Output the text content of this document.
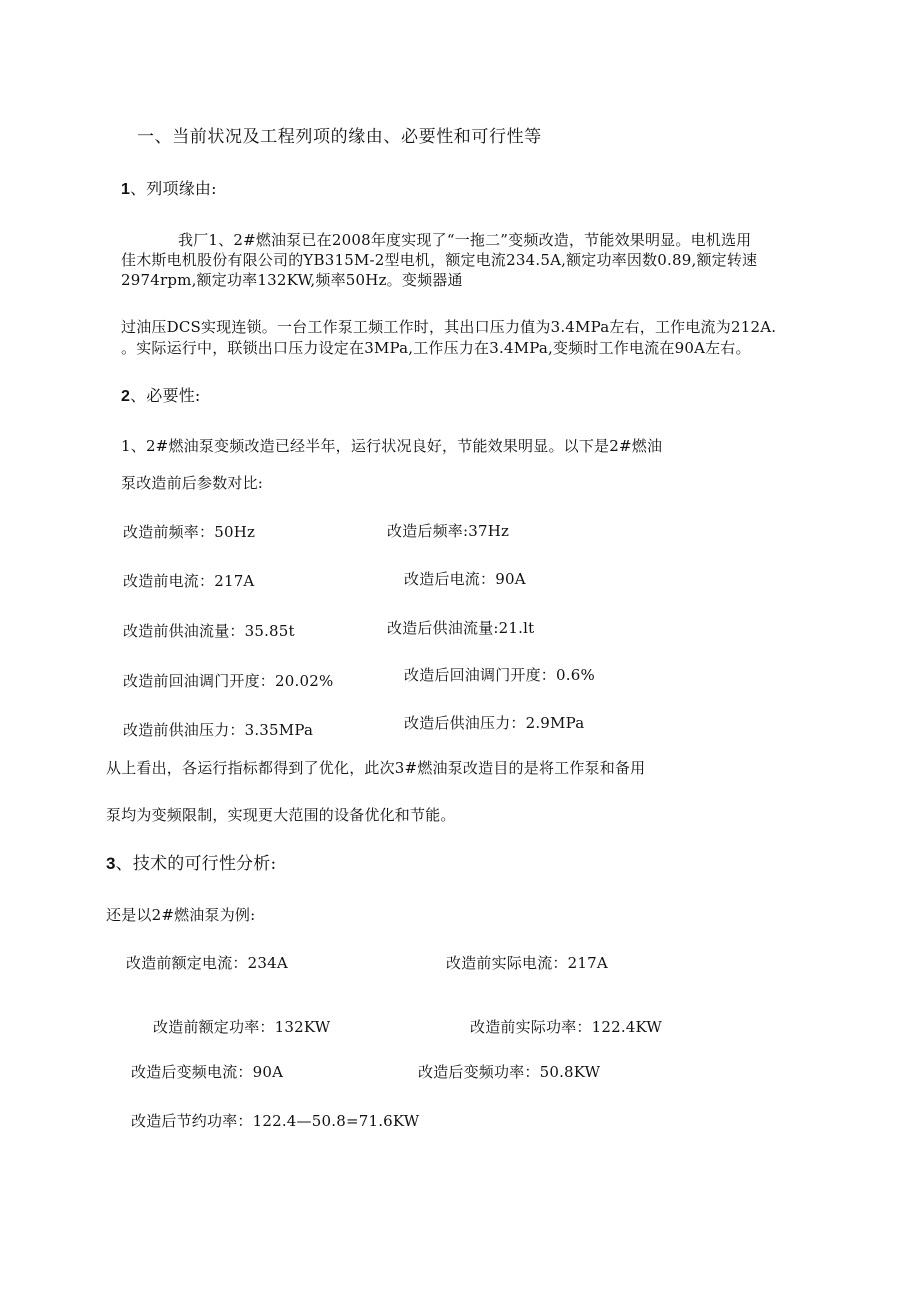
一、当前状况及工程列项的缘由、必要性和可行性等
1、列项缘由:
我厂1、2#燃油泵已在2008年度实现了“一拖二”变频改造，节能效果明显。电机选用
佳木斯电机股份有限公司的YB315M-2型电机，额定电流234.5A,额定功率因数0.89,额定转速
2974rpm,额定功率132KW,频率50Hz。变频器通
过油压DCS实现连锁。一台工作泵工频工作时，其出口压力值为3.4MPa左右，工作电流为212A.
。实际运行中，联锁出口压力设定在3MPa,工作压力在3.4MPa,变频时工作电流在90A左右。
2、必要性:
1、2#燃油泵变频改造已经半年，运行状况良好，节能效果明显。以下是2#燃油
泵改造前后参数对比:
改造前频率：50Hz	改造后频率:37Hz
改造前电流：217A	改造后电流：90A
改造前供油流量：35.85t	改造后供油流量:21.lt
改造前回油调门开度：20.02%	改造后回油调门开度：0.6%
改造前供油压力：3.35MPa	改造后供油压力：2.9MPa
从上看出，各运行指标都得到了优化，此次3#燃油泵改造目的是将工作泵和备用
泵均为变频限制，实现更大范围的设备优化和节能。
3、技术的可行性分析:
还是以2#燃油泵为例:
改造前额定电流：234A	改造前实际电流：217A
改造前额定功率：132KW	改造前实际功率：122.4KW
改造后变频电流：90A	改造后变频功率：50.8KW
改造后节约功率：122.4—50.8=71.6KW
